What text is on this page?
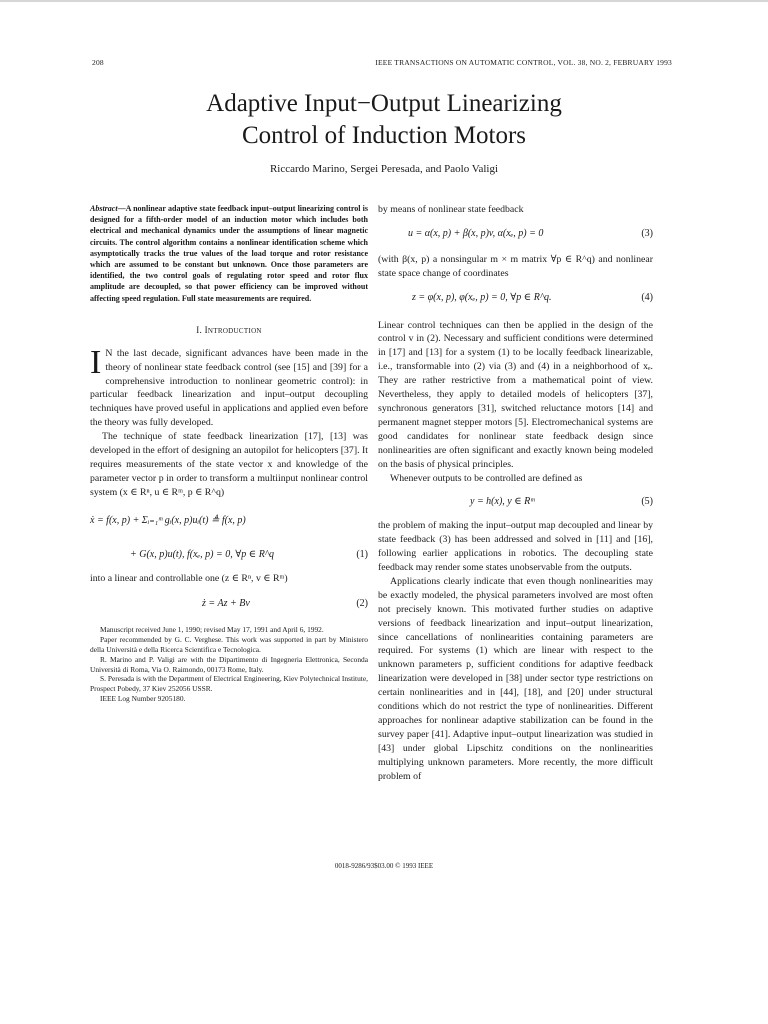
208	IEEE TRANSACTIONS ON AUTOMATIC CONTROL, VOL. 38, NO. 2, FEBRUARY 1993
Adaptive Input−Output Linearizing
Control of Induction Motors
Riccardo Marino, Sergei Peresada, and Paolo Valigi

Abstract—A nonlinear adaptive state feedback input–output linearizing control is designed for a fifth-order model of an induction motor which includes both electrical and mechanical dynamics under the assumptions of linear magnetic circuits. The control algorithm contains a nonlinear identification scheme which asymptotically tracks the true values of the load torque and rotor resistance which are assumed to be constant but unknown. Once those parameters are identified, the two control goals of regulating rotor speed and rotor flux amplitude are decoupled, so that power efficiency can be improved without affecting speed regulation. Full state measurements are required.

I. INTRODUCTION

I N the last decade, significant advances have been made in the theory of nonlinear state feedback control (see [15] and [39] for a comprehensive introduction to nonlinear geometric control): in particular feedback linearization and input–output decoupling techniques have proved useful in applications and applied even before the theory was fully developed.

The technique of state feedback linearization [17], [13] was developed in the effort of designing an autopilot for helicopters [37]. It requires measurements of the state vector x and knowledge of the parameter vector p in order to transform a multiinput nonlinear control system (x ∈ Rⁿ, u ∈ Rᵐ, p ∈ R^q)

ẋ = f(x, p) + Σᵢ₌₁ᵐ gᵢ(x, p)uᵢ(t) ≜ f(x, p)
+ G(x, p)u(t), f(xₑ, p) = 0, ∀p ∈ R^q	(1)

into a linear and controllable one (z ∈ Rⁿ, v ∈ Rᵐ)

ż = Az + Bv	(2)

Manuscript received June 1, 1990; revised May 17, 1991 and April 6, 1992.

Paper recommended by G. C. Verghese. This work was supported in part by Ministero della Università e della Ricerca Scientifica e Tecnologica.

R. Marino and P. Valigi are with the Dipartimento di Ingegneria Elettronica, Seconda Università di Roma, Via O. Raimondo, 00173 Rome, Italy.

S. Peresada is with the Department of Electrical Engineering, Kiev Polytechnical Institute, Prospect Pobedy, 37 Kiev 252056 USSR.

IEEE Log Number 9205180.

by means of nonlinear state feedback

u = α(x, p) + β(x, p)v, α(xₑ, p) = 0	(3)

(with β(x, p) a nonsingular m × m matrix ∀p ∈ R^q) and nonlinear state space change of coordinates

z = φ(x, p), φ(xₑ, p) = 0, ∀p ∈ R^q.	(4)

Linear control techniques can then be applied in the design of the control v in (2). Necessary and sufficient conditions were determined in [17] and [13] for a system (1) to be locally feedback linearizable, i.e., transformable into (2) via (3) and (4) in a neighborhood of xₑ. They are rather restrictive from a mathematical point of view. Nevertheless, they apply to detailed models of helicopters [37], synchronous generators [31], switched reluctance motors [14] and permanent magnet stepper motors [5]. Electromechanical systems are good candidates for nonlinear state feedback design since nonlinearities are often significant and exactly known being modeled on the basis of physical principles.

Whenever outputs to be controlled are defined as

y = h(x), y ∈ Rᵐ	(5)

the problem of making the input–output map decoupled and linear by state feedback (3) has been addressed and solved in [11] and [16], following earlier applications in robotics. The decoupling state feedback may render some states unobservable from the outputs.

Applications clearly indicate that even though nonlinearities may be exactly modeled, the physical parameters involved are most often not precisely known. This motivated further studies on adaptive versions of feedback linearization and input–output linearization, since cancellations of nonlinearities containing parameters are required. For systems (1) which are linear with respect to the unknown parameters p, sufficient conditions for adaptive feedback linearization were developed in [38] under sector type restrictions on certain nonlinearities and in [44], [18], and [20] under structural conditions which do not restrict the type of nonlinearities. Different approaches for nonlinear adaptive stabilization can be found in the survey paper [41]. Adaptive input–output linearization was studied in [43] under global Lipschitz conditions on the nonlinearities multiplying unknown parameters. More recently, the more difficult problem of

0018-9286/93$03.00 © 1993 IEEE
